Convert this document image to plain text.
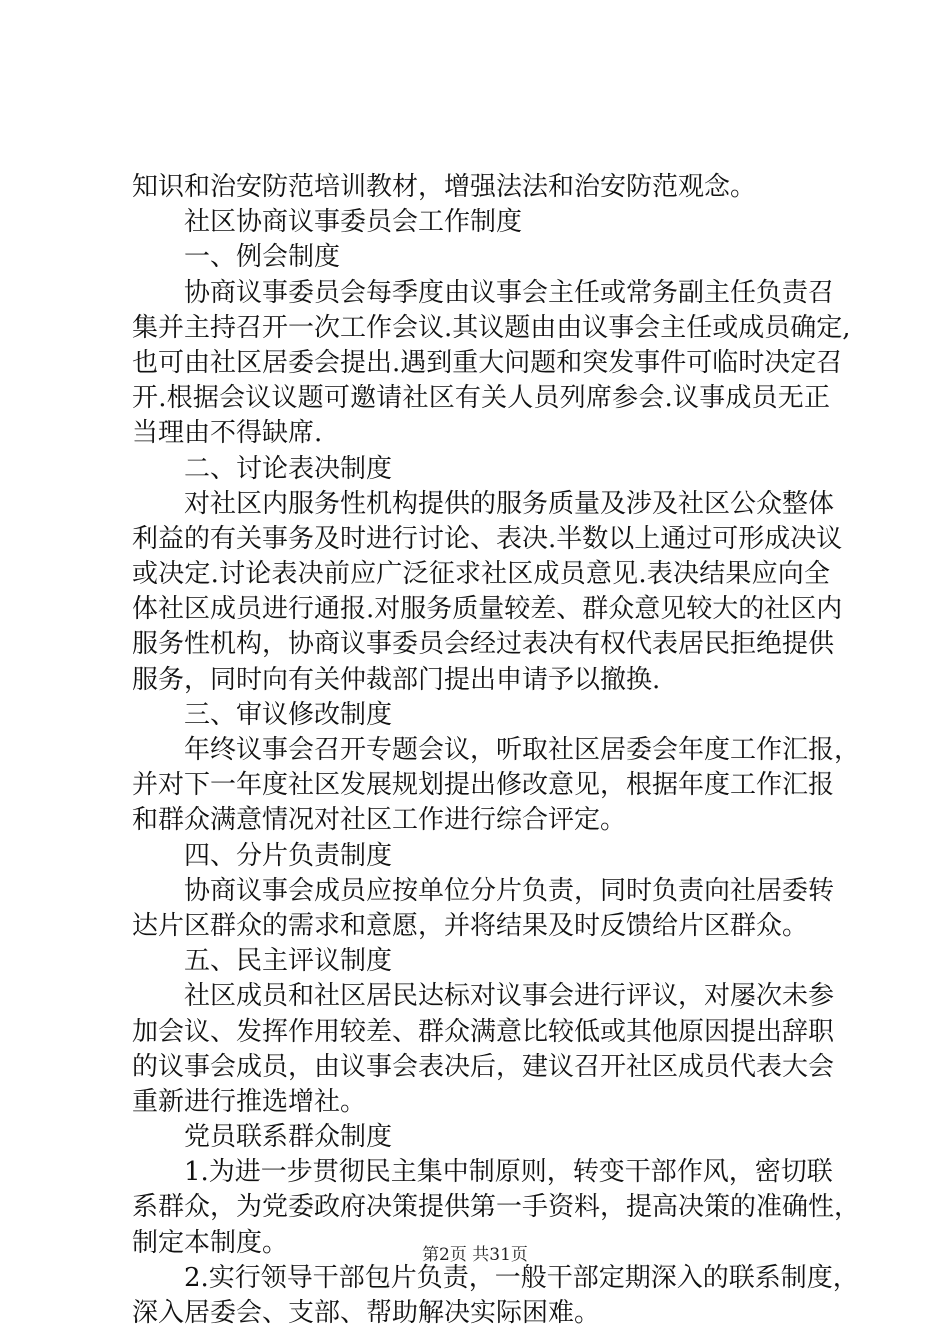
知识和治安防范培训教材，增强法法和治安防范观念。
社区协商议事委员会工作制度
一、例会制度
协商议事委员会每季度由议事会主任或常务副主任负责召
集并主持召开一次工作会议.其议题由由议事会主任或成员确定,
也可由社区居委会提出.遇到重大问题和突发事件可临时决定召
开.根据会议议题可邀请社区有关人员列席参会.议事成员无正
当理由不得缺席.
二、讨论表决制度
对社区内服务性机构提供的服务质量及涉及社区公众整体
利益的有关事务及时进行讨论、表决.半数以上通过可形成决议
或决定.讨论表决前应广泛征求社区成员意见.表决结果应向全
体社区成员进行通报.对服务质量较差、群众意见较大的社区内
服务性机构，协商议事委员会经过表决有权代表居民拒绝提供
服务，同时向有关仲裁部门提出申请予以撤换.
三、审议修改制度
年终议事会召开专题会议，听取社区居委会年度工作汇报，
并对下一年度社区发展规划提出修改意见，根据年度工作汇报
和群众满意情况对社区工作进行综合评定。
四、分片负责制度
协商议事会成员应按单位分片负责，同时负责向社居委转
达片区群众的需求和意愿，并将结果及时反馈给片区群众。
五、民主评议制度
社区成员和社区居民达标对议事会进行评议，对屡次未参
加会议、发挥作用较差、群众满意比较低或其他原因提出辞职
的议事会成员，由议事会表决后，建议召开社区成员代表大会
重新进行推选增社。
党员联系群众制度
1.为进一步贯彻民主集中制原则，转变干部作风，密切联
系群众，为党委政府决策提供第一手资料，提高决策的准确性，
制定本制度。
2.实行领导干部包片负责，一般干部定期深入的联系制度，
深入居委会、支部、帮助解决实际困难。
第2页 共31页
